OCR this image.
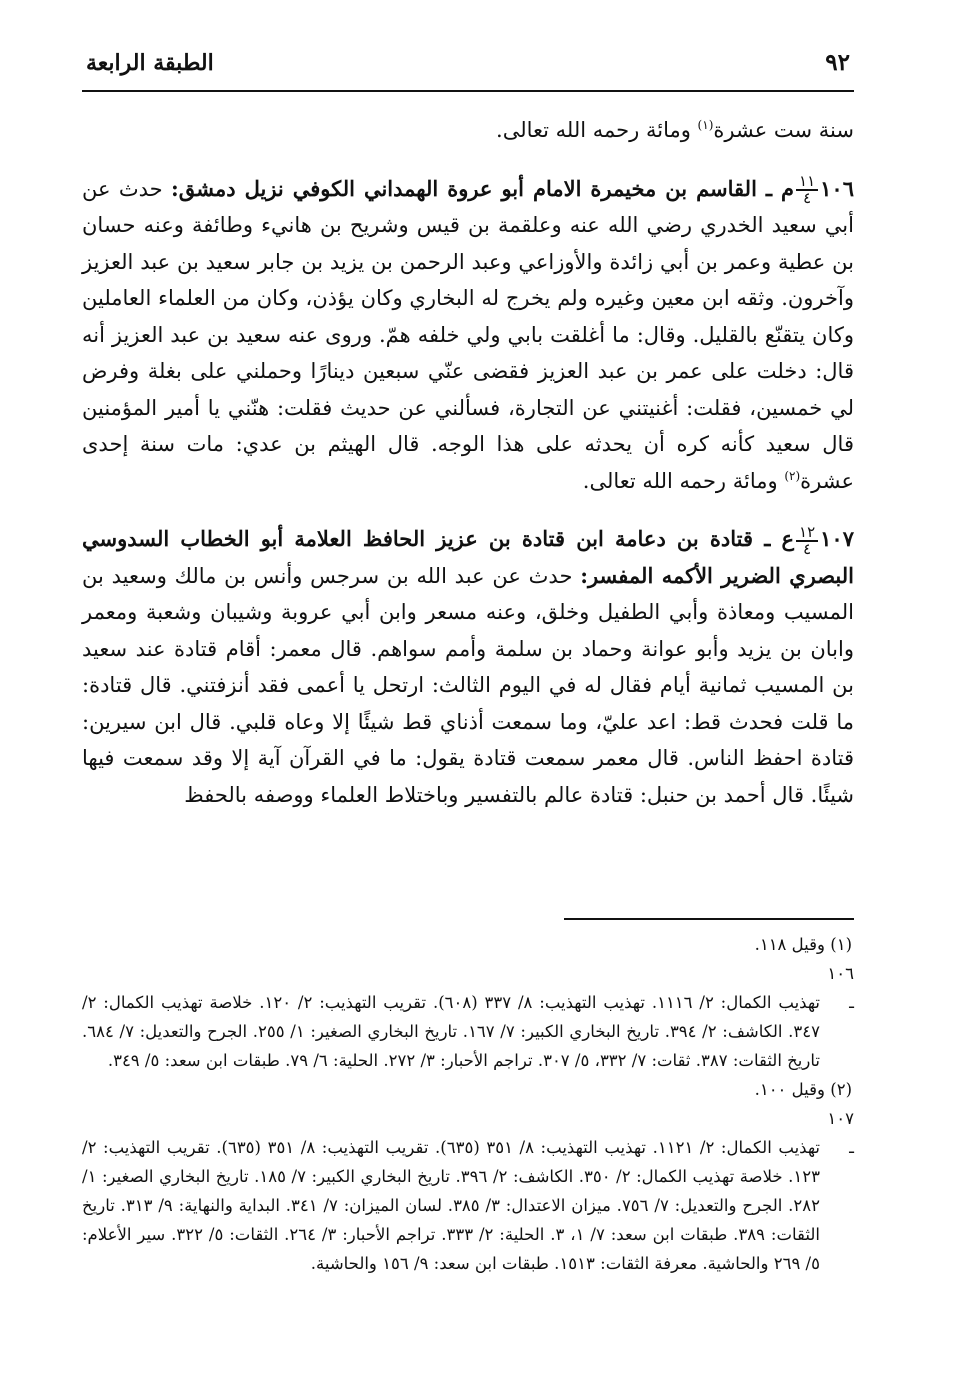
٩٢

الطبقة الرابعة

سنة ست عشرة$^{(١)}$ ومائة رحمه الله تعالى.

١٠٦
$\frac{١١}{٤}$
م ـ القاسم بن مخيمرة الامام أبو عروة الهمداني الكوفي نزيل دمشق: حدث عن أبي سعيد الخدري رضي الله عنه وعلقمة بن قيس وشريح بن هانيء وطائفة وعنه حسان بن عطية وعمر بن أبي زائدة والأوزاعي وعبد الرحمن بن يزيد بن جابر سعيد بن عبد العزيز وآخرون. وثقه ابن معين وغيره ولم يخرج له البخاري وكان يؤذن، وكان من العلماء العاملين وكان يتقنّع بالقليل. وقال: ما أغلقت بابي ولي خلفه همّ. وروى عنه سعيد بن عبد العزيز أنه قال: دخلت على عمر بن عبد العزيز فقضى عنّي سبعين دينارًا وحملني على بغلة وفرض لي خمسين، فقلت: أغنيتني عن التجارة، فسألني عن حديث فقلت: هنّني يا أمير المؤمنين قال سعيد كأنه كره أن يحدثه على هذا الوجه. قال الهيثم بن عدي: مات سنة إحدى عشرة$^{(٢)}$ ومائة رحمه الله تعالى.

١٠٧
$\frac{١٢}{٤}$
ع ـ قتادة بن دعامة ابن قتادة بن عزيز الحافظ العلامة أبو الخطاب السدوسي البصري الضرير الأكمه المفسر: حدث عن عبد الله بن سرجس وأنس بن مالك وسعيد بن المسيب ومعاذة وأبي الطفيل وخلق، وعنه مسعر وابن أبي عروبة وشيبان وشعبة ومعمر وابان بن يزيد وأبو عوانة وحماد بن سلمة وأمم سواهم. قال معمر: أقام قتادة عند سعيد بن المسيب ثمانية أيام فقال له في اليوم الثالث: ارتحل يا أعمى فقد أنزفتني. قال قتادة: ما قلت فحدث قط: اعد عليّ، وما سمعت أذناي قط شيئًا إلا وعاه قلبي. قال ابن سيرين: قتادة احفظ الناس. قال معمر سمعت قتادة يقول: ما في القرآن آية إلا وقد سمعت فيها شيئًا. قال أحمد بن حنبل: قتادة عالم بالتفسير وباختلاط العلماء ووصفه بالحفظ

(١) وقيل ١١٨.

١٠٦ ـتهذيب الكمال: ٢/ ١١١٦. تهذيب التهذيب: ٨/ ٣٣٧ (٦٠٨). تقريب التهذيب: ٢/ ١٢٠. خلاصة تهذيب الكمال: ٢/ ٣٤٧. الكاشف: ٢/ ٣٩٤. تاريخ البخاري الكبير: ٧/ ١٦٧. تاريخ البخاري الصغير: ١/ ٢٥٥. الجرح والتعديل: ٧/ ٦٨٤. تاريخ الثقات: ٣٨٧. ثقات: ٧/ ٣٣٢، ٥/ ٣٠٧. تراجم الأحبار: ٣/ ٢٧٢. الحلية: ٦/ ٧٩. طبقات ابن سعد: ٥/ ٣٤٩.

(٢) وقيل ١٠٠.

١٠٧ ـتهذيب الكمال: ٢/ ١١٢١. تهذيب التهذيب: ٨/ ٣٥١ (٦٣٥). تقريب التهذيب: ٨/ ٣٥١ (٦٣٥). تقريب التهذيب: ٢/ ١٢٣. خلاصة تهذيب الكمال: ٢/ ٣٥٠. الكاشف: ٢/ ٣٩٦. تاريخ البخاري الكبير: ٧/ ١٨٥. تاريخ البخاري الصغير: ١/ ٢٨٢. الجرح والتعديل: ٧/ ٧٥٦. ميزان الاعتدال: ٣/ ٣٨٥. لسان الميزان: ٧/ ٣٤١. البداية والنهاية: ٩/ ٣١٣. تاريخ الثقات: ٣٨٩. طبقات ابن سعد: ٧/ ١، ٣. الحلية: ٢/ ٣٣٣. تراجم الأحبار: ٣/ ٢٦٤. الثقات: ٥/ ٣٢٢. سير الأعلام: ٥/ ٢٦٩ والحاشية. معرفة الثقات: ١٥١٣. طبقات ابن سعد: ٩/ ١٥٦ والحاشية.
